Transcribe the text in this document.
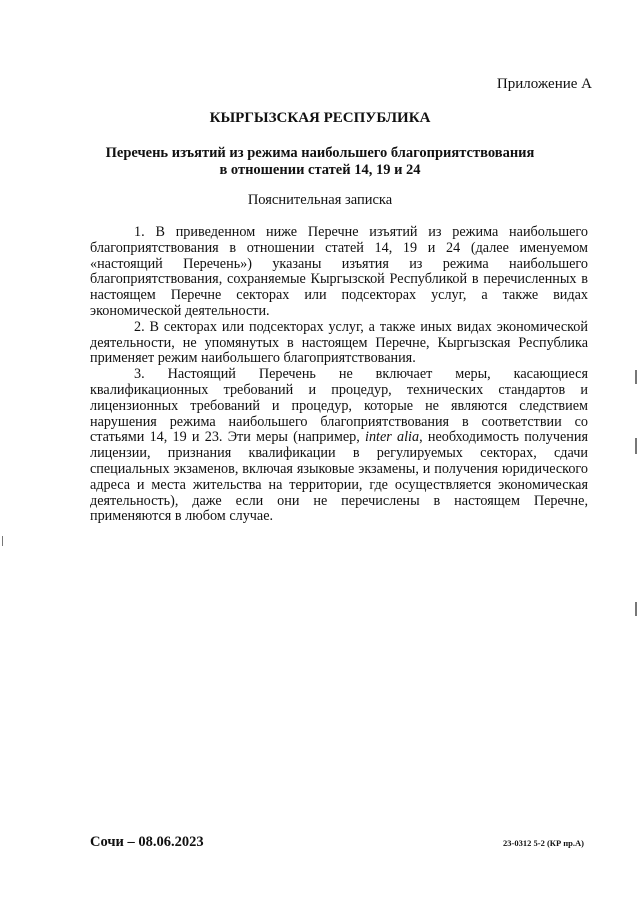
Приложение А
КЫРГЫЗСКАЯ РЕСПУБЛИКА
Перечень изъятий из режима наибольшего благоприятствования
в отношении статей 14, 19 и 24
Пояснительная записка

1. В приведенном ниже Перечне изъятий из режима наибольшего благоприятствования в отношении статей 14, 19 и 24 (далее именуемом «настоящий Перечень») указаны изъятия из режима наибольшего благоприятствования, сохраняемые Кыргызской Республикой в перечисленных в настоящем Перечне секторах или подсекторах услуг, а также видах экономической деятельности.

2. В секторах или подсекторах услуг, а также иных видах экономической деятельности, не упомянутых в настоящем Перечне, Кыргызская Республика применяет режим наибольшего благоприятствования.

3. Настоящий Перечень не включает меры, касающиеся квалификационных требований и процедур, технических стандартов и лицензионных требований и процедур, которые не являются следствием нарушения режима наибольшего благоприятствования в соответствии со статьями 14, 19 и 23. Эти меры (например, inter alia, необходимость получения лицензии, признания квалификации в регулируемых секторах, сдачи специальных экзаменов, включая языковые экзамены, и получения юридического адреса и места жительства на территории, где осуществляется экономическая деятельность), даже если они не перечислены в настоящем Перечне, применяются в любом случае.

Сочи – 08.06.2023	23-0312 5-2 (КР пр.А)
